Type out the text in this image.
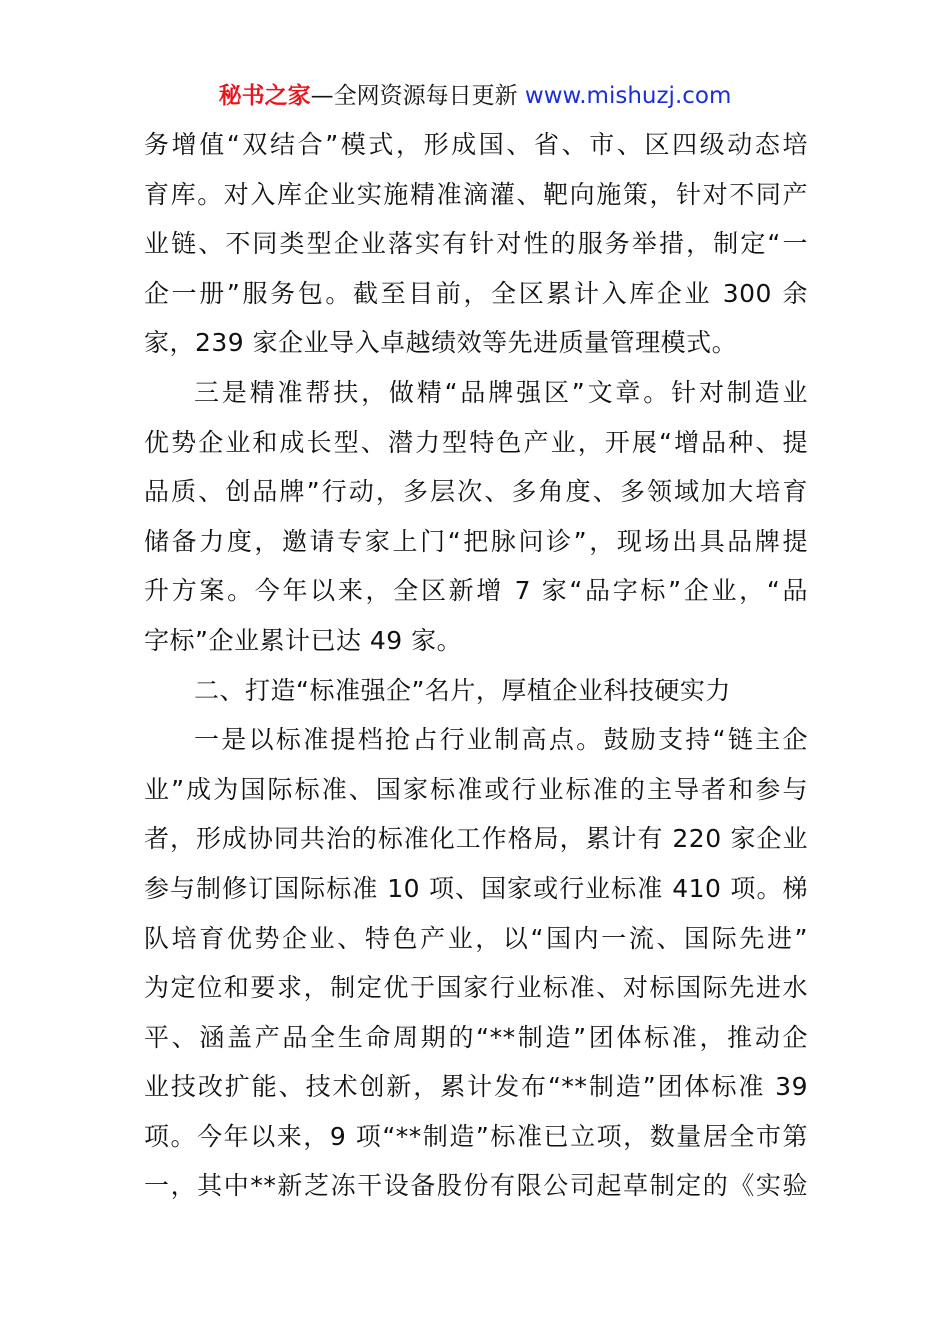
秘书之家—全网资源每日更新 www.mishuzj.com
务增值“双结合”模式，形成国、省、市、区四级动态培
育库。对入库企业实施精准滴灌、靶向施策，针对不同产
业链、不同类型企业落实有针对性的服务举措，制定“一
企一册”服务包。截至目前，全区累计入库企业 300 余
家，239 家企业导入卓越绩效等先进质量管理模式。
三是精准帮扶，做精“品牌强区”文章。针对制造业
优势企业和成长型、潜力型特色产业，开展“增品种、提
品质、创品牌”行动，多层次、多角度、多领域加大培育
储备力度，邀请专家上门“把脉问诊”，现场出具品牌提
升方案。今年以来，全区新增 7 家“品字标”企业，“品
字标”企业累计已达 49 家。
二、打造“标准强企”名片，厚植企业科技硬实力
一是以标准提档抢占行业制高点。鼓励支持“链主企
业”成为国际标准、国家标准或行业标准的主导者和参与
者，形成协同共治的标准化工作格局，累计有 220 家企业
参与制修订国际标准 10 项、国家或行业标准 410 项。梯
队培育优势企业、特色产业，以“国内一流、国际先进”
为定位和要求，制定优于国家行业标准、对标国际先进水
平、涵盖产品全生命周期的“**制造”团体标准，推动企
业技改扩能、技术创新，累计发布“**制造”团体标准 39
项。今年以来，9 项“**制造”标准已立项，数量居全市第
一，其中**新芝冻干设备股份有限公司起草制定的《实验
